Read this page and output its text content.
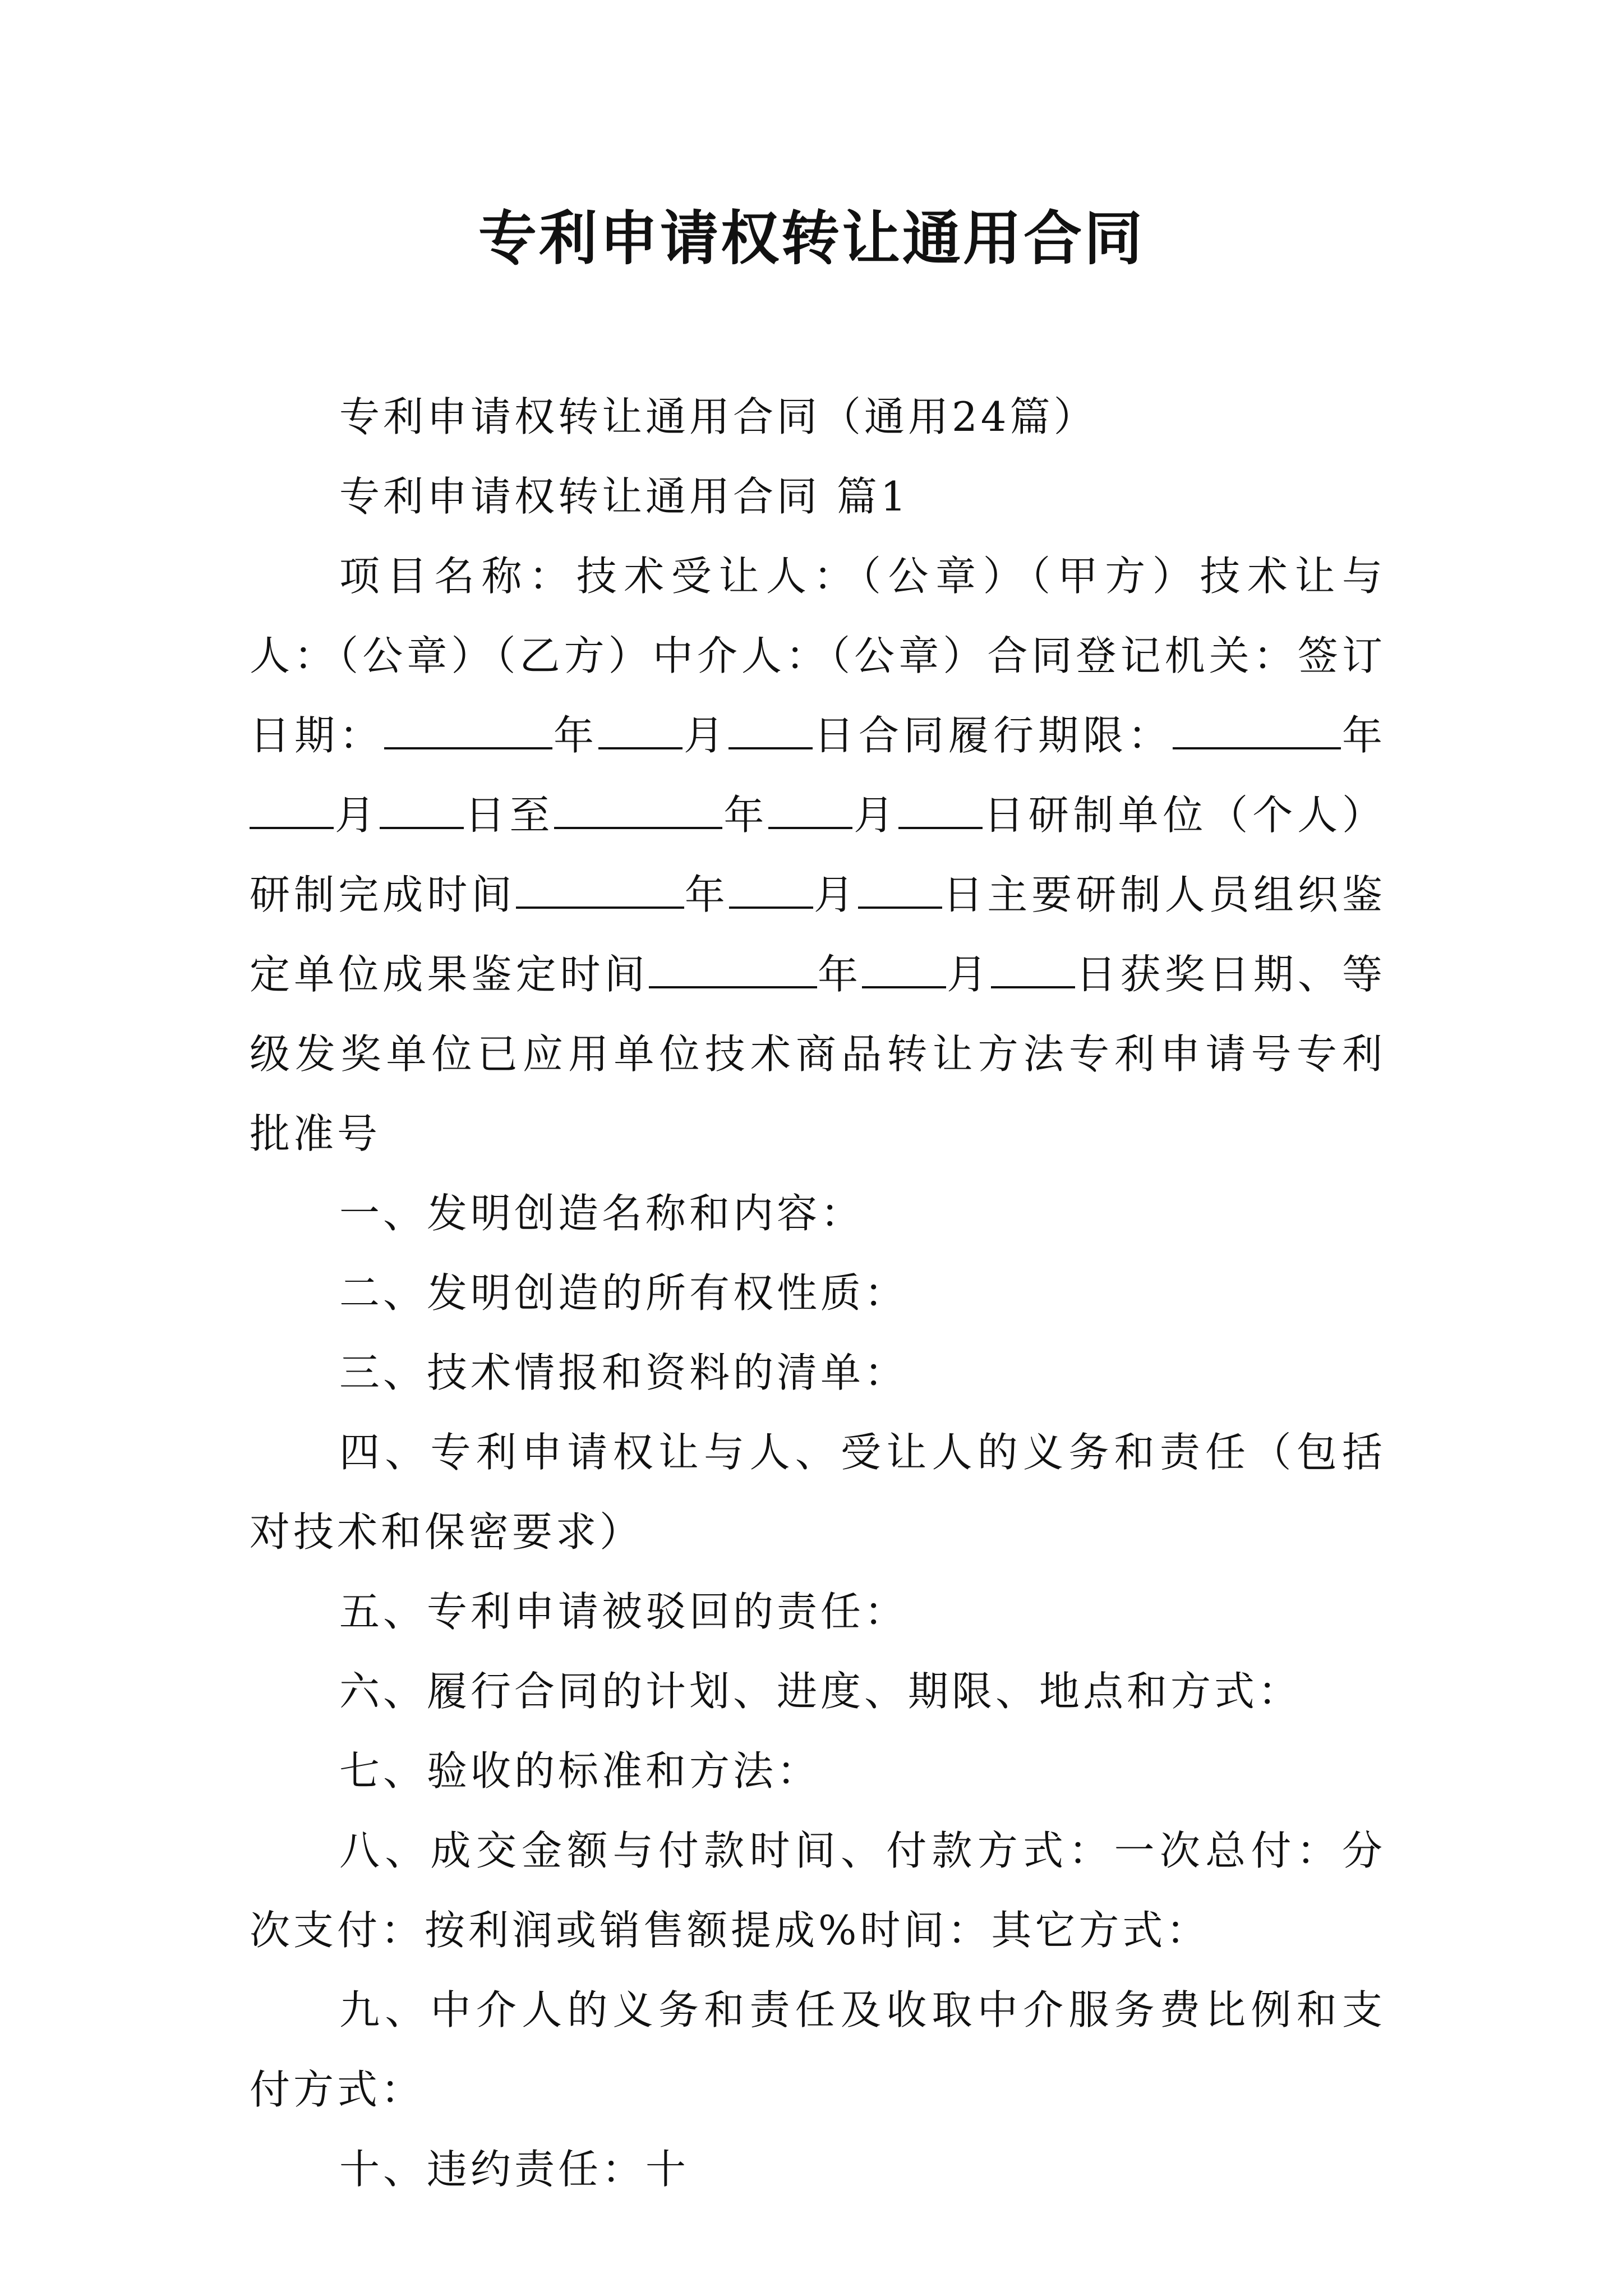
专利申请权转让通用合同

专利申请权转让通用合同（通用24篇）

专利申请权转让通用合同 篇1

项目名称：技术受让人：（公章）（甲方）技术让与人：（公章）（乙方）中介人：（公章）合同登记机关：签订日期：	年 月 日合同履行期限：	年月 日至	年 月 日研制单位（个人）研制完成时间	年 月 日主要研制人员组织鉴定单位成果鉴定时间	年 月 日获奖日期、等级发奖单位已应用单位技术商品转让方法专利申请号专利批准号

一、发明创造名称和内容：

二、发明创造的所有权性质：

三、技术情报和资料的清单：

四、专利申请权让与人、受让人的义务和责任（包括对技术和保密要求）

五、专利申请被驳回的责任：

六、履行合同的计划、进度、期限、地点和方式：

七、验收的标准和方法：

八、成交金额与付款时间、付款方式：一次总付：分次支付：按利润或销售额提成%时间：其它方式：

九、中介人的义务和责任及收取中介服务费比例和支付方式：

十、违约责任：十
